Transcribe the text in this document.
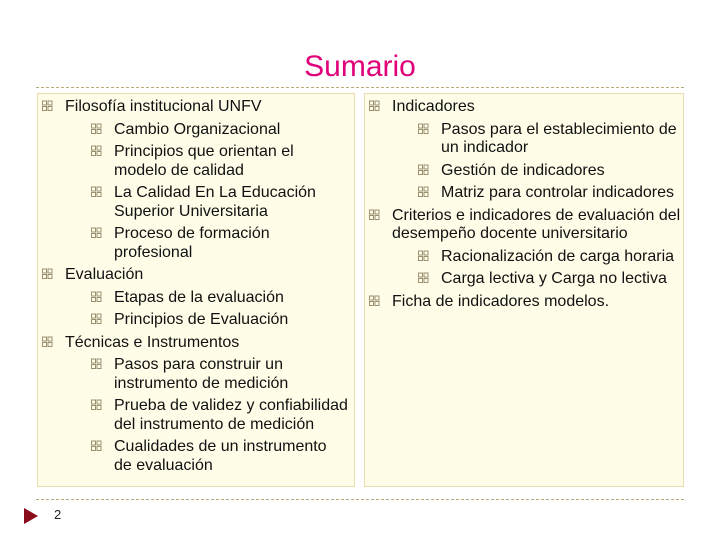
Sumario
Filosofía institucional UNFV
Cambio Organizacional
Principios que orientan el modelo de calidad
La Calidad En La Educación Superior Universitaria
Proceso de formación profesional
Evaluación
Etapas de la evaluación
Principios de Evaluación
Técnicas e Instrumentos
Pasos para construir un instrumento de medición
Prueba de validez y confiabilidad del instrumento de medición
Cualidades de un instrumento de evaluación
Indicadores
Pasos para el establecimiento de un indicador
Gestión de indicadores
Matriz para controlar indicadores
Criterios e indicadores de evaluación del desempeño docente universitario
Racionalización de carga horaria
Carga lectiva y Carga no lectiva
Ficha de indicadores modelos.
2
